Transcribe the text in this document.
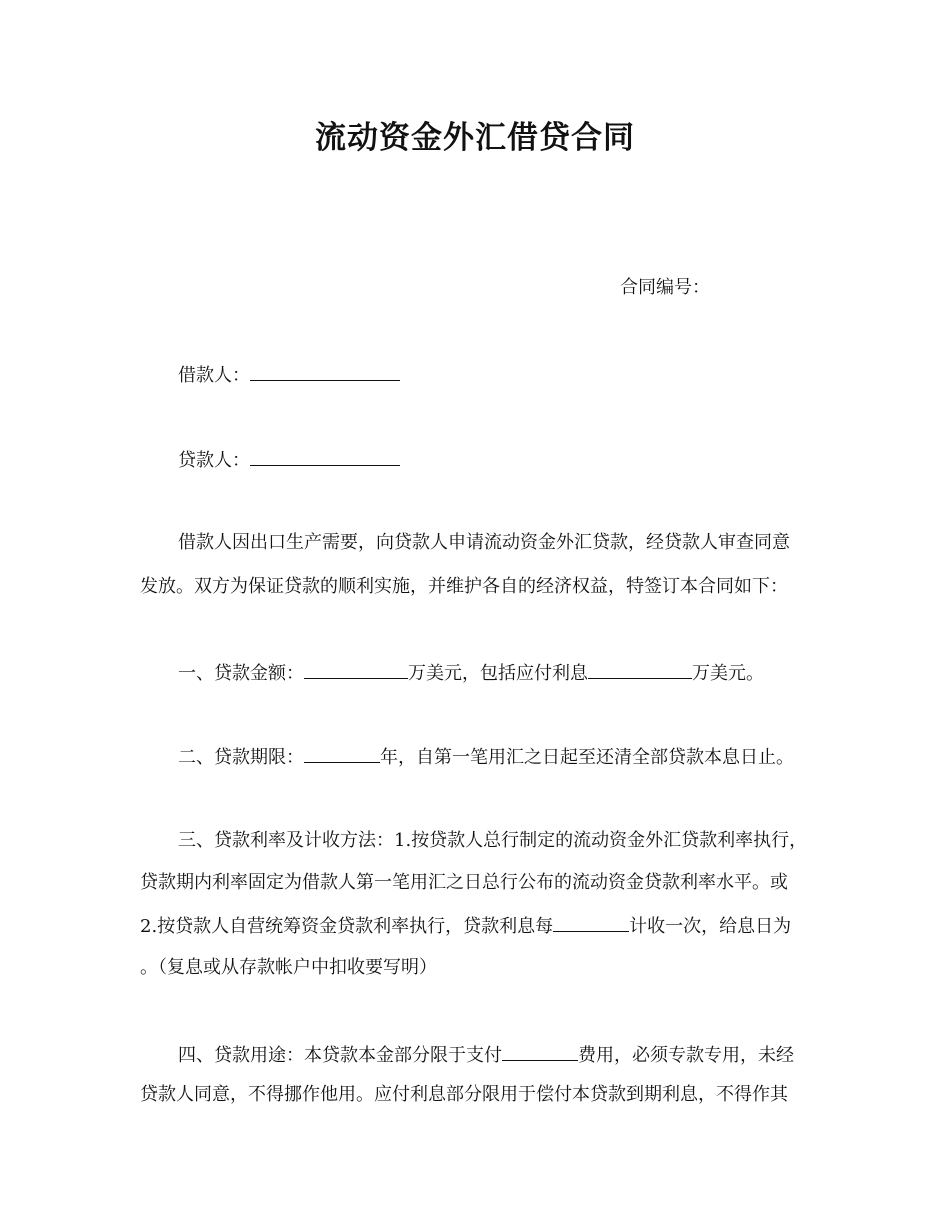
流动资金外汇借贷合同
合同编号：
借款人：
贷款人：
借款人因出口生产需要，向贷款人申请流动资金外汇贷款，经贷款人审查同意
发放。双方为保证贷款的顺利实施，并维护各自的经济权益，特签订本合同如下：
一、贷款金额：	万美元，包括应付利息	万美元。
二、贷款期限：	年，自第一笔用汇之日起至还清全部贷款本息日止。
三、贷款利率及计收方法：1.按贷款人总行制定的流动资金外汇贷款利率执行，
贷款期内利率固定为借款人第一笔用汇之日总行公布的流动资金贷款利率水平。或
2.按贷款人自营统筹资金贷款利率执行，贷款利息每	计收一次，给息日为
。（复息或从存款帐户中扣收要写明）
四、贷款用途：本贷款本金部分限于支付	费用，必须专款专用，未经
贷款人同意，不得挪作他用。应付利息部分限用于偿付本贷款到期利息，不得作其
